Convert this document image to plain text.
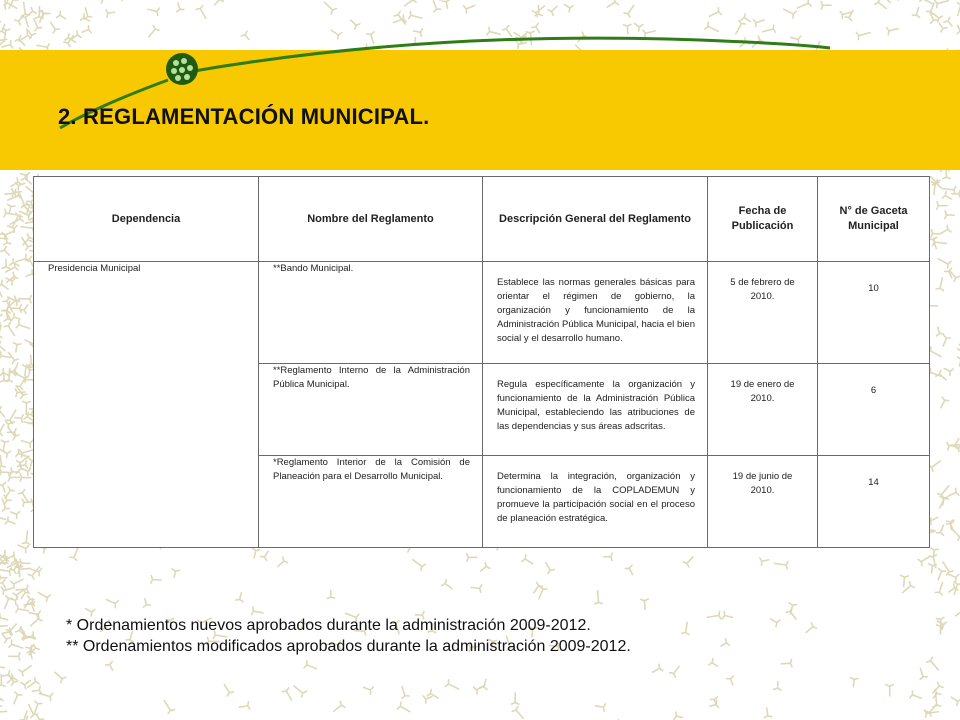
2. REGLAMENTACIÓN MUNICIPAL.
Dependencia	Nombre del Reglamento	Descripción General del Reglamento	Fecha de Publicación	N° de Gaceta Municipal
Presidencia Municipal	**Bando Municipal.	Establece las normas generales básicas para orientar el régimen de gobierno, la organización y funcionamiento de la Administración Pública Municipal, hacia el bien social y el desarrollo humano.	5 de febrero de 2010.	10
	**Reglamento Interno de la Administración Pública Municipal.	Regula específicamente la organización y funcionamiento de la Administración Pública Municipal, estableciendo las atribuciones de las dependencias y sus áreas adscritas.	19 de enero de 2010.	6
	*Reglamento Interior de la Comisión de Planeación para el Desarrollo Municipal.	Determina la integración, organización y funcionamiento de la COPLADEMUN y promueve la participación social en el proceso de planeación estratégica.	19 de junio de 2010.	14
* Ordenamientos nuevos aprobados durante la administración 2009-2012.
** Ordenamientos modificados aprobados durante la administración 2009-2012.
